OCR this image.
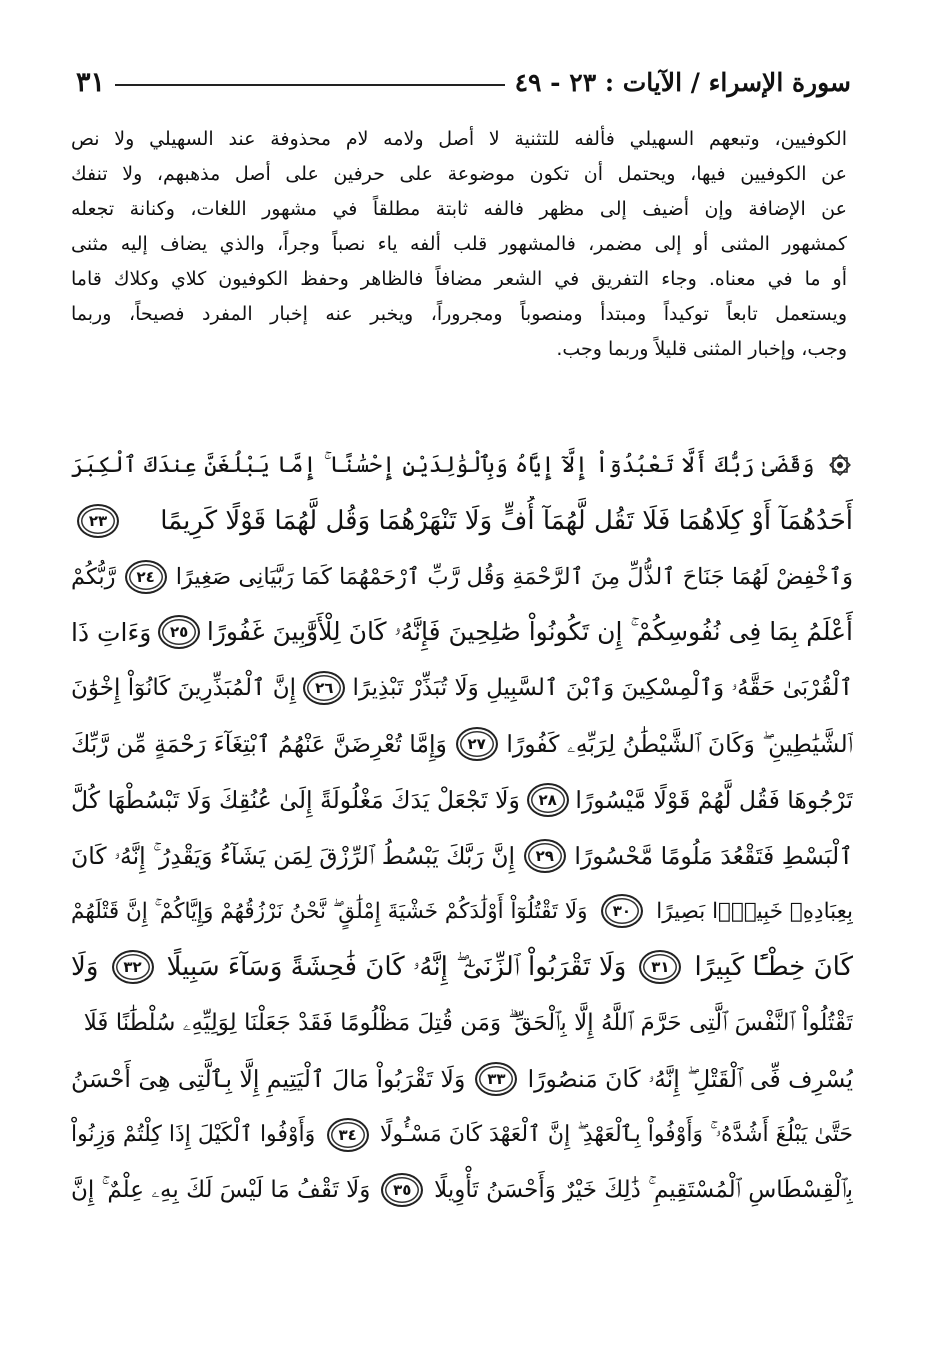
سورة الإسراء / الآيات : ٢٣ - ٤٩
٣١
الكوفيين، وتبعهم السهيلي فألفه للتثنية لا أصل ولامه لام محذوفة عند السهيلي ولا نص
عن الكوفيين فيها، ويحتمل أن تكون موضوعة على حرفين على أصل مذهبهم، ولا تنفك
عن الإضافة وإن أضيف إلى مظهر فالفه ثابتة مطلقاً في مشهور اللغات، وكنانة تجعله
كمشهور المثنى أو إلى مضمر، فالمشهور قلب ألفه ياء نصباً وجراً، والذي يضاف إليه مثنى
أو ما في معناه. وجاء التفريق في الشعر مضافاً فالظاهر وحفظ الكوفيون كلاي وكلاك قاما
ويستعمل تابعاً توكيداً ومبتدأ ومنصوباً ومجروراً، ويخبر عنه إخبار المفرد فصيحاً، وربما
وجب، وإخبار المثنى قليلاً وربما وجب.
وَقَضَىٰ رَبُّكَ أَلَّا تَعْبُدُوٓاْ إِلَّآ إِيَّاهُ وَبِٱلْوَٰلِدَيْنِ إِحْسَٰنًا ۚ إِمَّا يَبْلُغَنَّ عِندَكَ ٱلْكِبَرَ
أَحَدُهُمَآ أَوْ كِلَاهُمَا فَلَا تَقُل لَّهُمَآ أُفٍّ وَلَا تَنْهَرْهُمَا وَقُل لَّهُمَا قَوْلًا كَرِيمًا
٢٣
وَٱخْفِضْ لَهُمَا جَنَاحَ ٱلذُّلِّ مِنَ ٱلرَّحْمَةِ وَقُل رَّبِّ ٱرْحَمْهُمَا كَمَا رَبَّيَانِى صَغِيرًا
٢٤
رَّبُّكُمْ
أَعْلَمُ بِمَا فِى نُفُوسِكُمْ ۚ إِن تَكُونُواْ صَٰلِحِينَ فَإِنَّهُۥ كَانَ لِلْأَوَّٰبِينَ غَفُورًا
٢٥
وَءَاتِ ذَا
ٱلْقُرْبَىٰ حَقَّهُۥ وَٱلْمِسْكِينَ وَٱبْنَ ٱلسَّبِيلِ وَلَا تُبَذِّرْ تَبْذِيرًا
٢٦
إِنَّ ٱلْمُبَذِّرِينَ كَانُوٓاْ إِخْوَٰنَ
ٱلشَّيَٰطِينِ ۖ وَكَانَ ٱلشَّيْطَٰنُ لِرَبِّهِۦ كَفُورًا
٢٧
وَإِمَّا تُعْرِضَنَّ عَنْهُمُ ٱبْتِغَآءَ رَحْمَةٍ مِّن رَّبِّكَ
تَرْجُوهَا فَقُل لَّهُمْ قَوْلًا مَّيْسُورًا
٢٨
وَلَا تَجْعَلْ يَدَكَ مَغْلُولَةً إِلَىٰ عُنُقِكَ وَلَا تَبْسُطْهَا كُلَّ
ٱلْبَسْطِ فَتَقْعُدَ مَلُومًا مَّحْسُورًا
٢٩
إِنَّ رَبَّكَ يَبْسُطُ ٱلرِّزْقَ لِمَن يَشَآءُ وَيَقْدِرُ ۚ إِنَّهُۥ كَانَ
بِعِبَادِهِۦ خَبِيرًۢا بَصِيرًا
٣٠
وَلَا تَقْتُلُوٓاْ أَوْلَٰدَكُمْ خَشْيَةَ إِمْلَٰقٍ ۖ نَّحْنُ نَرْزُقُهُمْ وَإِيَّاكُمْ ۚ إِنَّ قَتْلَهُمْ
كَانَ خِطْـًٔا كَبِيرًا
٣١
وَلَا تَقْرَبُواْ ٱلزِّنَىٰٓ ۖ إِنَّهُۥ كَانَ فَٰحِشَةً وَسَآءَ سَبِيلًا
٣٢
وَلَا
تَقْتُلُواْ ٱلنَّفْسَ ٱلَّتِى حَرَّمَ ٱللَّهُ إِلَّا بِٱلْحَقِّ ۗ وَمَن قُتِلَ مَظْلُومًا فَقَدْ جَعَلْنَا لِوَلِيِّهِۦ سُلْطَٰنًا فَلَا
يُسْرِف فِّى ٱلْقَتْلِ ۖ إِنَّهُۥ كَانَ مَنصُورًا
٣٣
وَلَا تَقْرَبُواْ مَالَ ٱلْيَتِيمِ إِلَّا بِٱلَّتِى هِىَ أَحْسَنُ
حَتَّىٰ يَبْلُغَ أَشُدَّهُۥ ۚ وَأَوْفُواْ بِٱلْعَهْدِ ۖ إِنَّ ٱلْعَهْدَ كَانَ مَسْـُٔولًا
٣٤
وَأَوْفُوا ٱلْكَيْلَ إِذَا كِلْتُمْ وَزِنُواْ
بِٱلْقِسْطَاسِ ٱلْمُسْتَقِيمِ ۚ ذَٰلِكَ خَيْرٌ وَأَحْسَنُ تَأْوِيلًا
٣٥
وَلَا تَقْفُ مَا لَيْسَ لَكَ بِهِۦ عِلْمٌ ۚ إِنَّ
